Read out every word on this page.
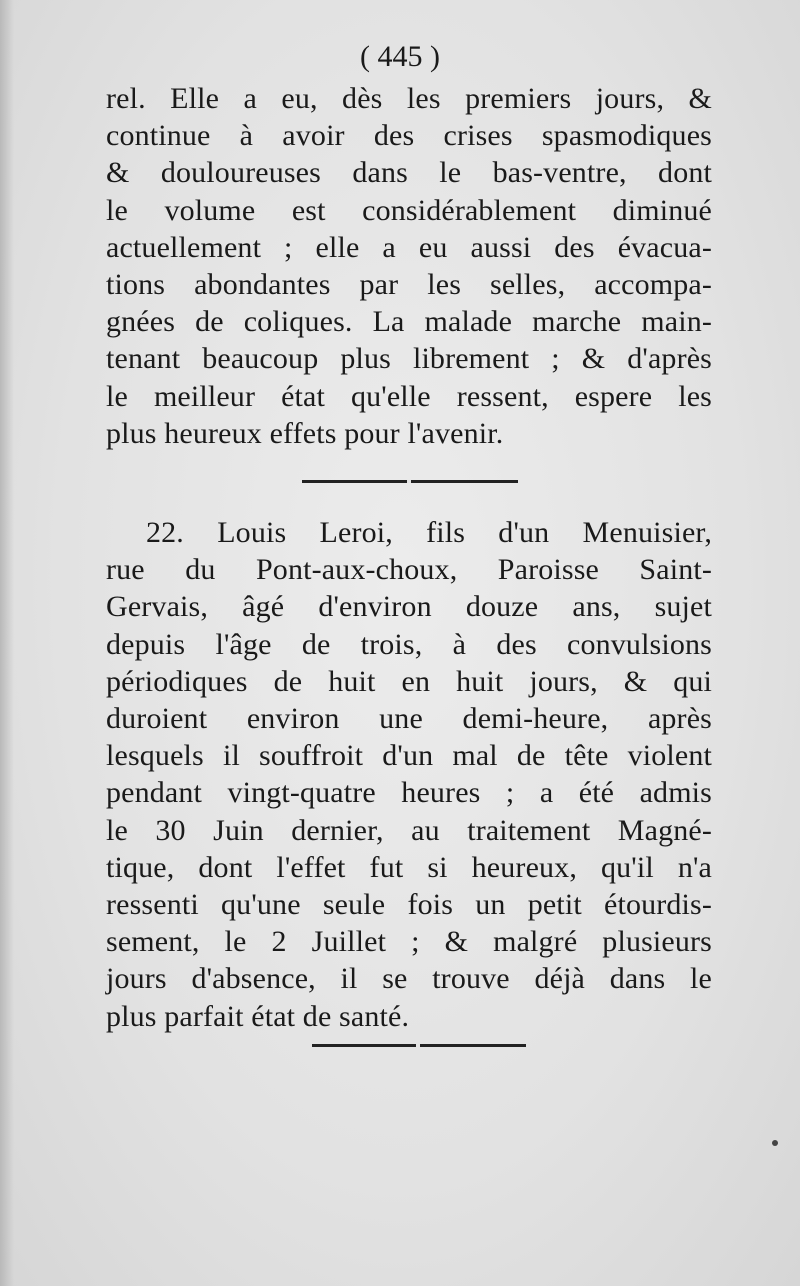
( 445 )
rel. Elle a eu, dès les premiers jours, &
continue à avoir des crises spasmodiques
& douloureuses dans le bas-ventre, dont
le volume est considérablement diminué
actuellement ; elle a eu aussi des évacua-
tions abondantes par les selles, accompa-
gnées de coliques. La malade marche main-
tenant beaucoup plus librement ; & d'après
le meilleur état qu'elle ressent, espere les
plus heureux effets pour l'avenir.
22. Louis Leroi, fils d'un Menuisier,
rue du Pont-aux-choux, Paroisse Saint-
Gervais, âgé d'environ douze ans, sujet
depuis l'âge de trois, à des convulsions
périodiques de huit en huit jours, & qui
duroient environ une demi-heure, après
lesquels il souffroit d'un mal de tête violent
pendant vingt-quatre heures ; a été admis
le 30 Juin dernier, au traitement Magné-
tique, dont l'effet fut si heureux, qu'il n'a
ressenti qu'une seule fois un petit étourdis-
sement, le 2 Juillet ; & malgré plusieurs
jours d'absence, il se trouve déjà dans le
plus parfait état de santé.
